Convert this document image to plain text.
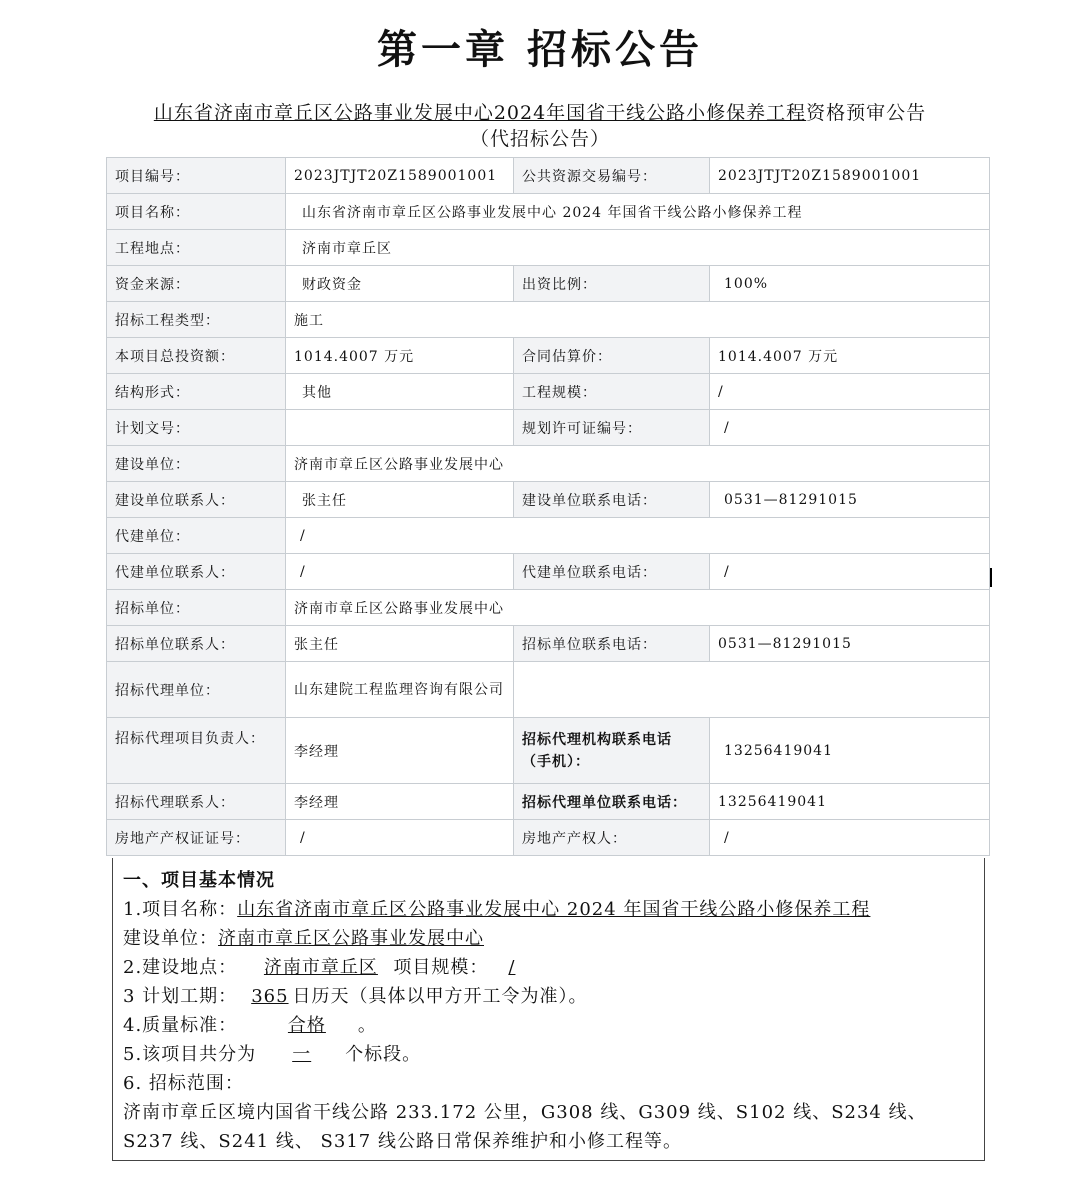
第一章 招标公告
山东省济南市章丘区公路事业发展中心2024年国省干线公路小修保养工程资格预审公告
（代招标公告）
项目编号：	2023JTJT20Z1589001001	公共资源交易编号：	2023JTJT20Z1589001001
项目名称：	山东省济南市章丘区公路事业发展中心 2024 年国省干线公路小修保养工程		
工程地点：	济南市章丘区		
资金来源：	财政资金	出资比例：	100%
招标工程类型：	施工		
本项目总投资额：	1014.4007 万元	合同估算价：	1014.4007 万元
结构形式：	其他	工程规模：	/
计划文号：		规划许可证编号：	/
建设单位：	济南市章丘区公路事业发展中心		
建设单位联系人：	张主任	建设单位联系电话：	0531—81291015
代建单位：	/		
代建单位联系人：	/	代建单位联系电话：	/
招标单位：	济南市章丘区公路事业发展中心		
招标单位联系人：	张主任	招标单位联系电话：	0531—81291015
招标代理单位：	山东建院工程监理咨询有限公司		
招标代理项目负责人：	李经理	招标代理机构联系电话（手机）：	13256419041
招标代理联系人：	李经理	招标代理单位联系电话：	13256419041
房地产产权证证号：	/	房地产产权人：	/
一、项目基本情况
1.项目名称：山东省济南市章丘区公路事业发展中心 2024 年国省干线公路小修保养工程
建设单位：济南市章丘区公路事业发展中心
2.建设地点： 济南市章丘区 项目规模： /
3 计划工期： 365 日历天（具体以甲方开工令为准）。
4.质量标准：	合格 。
5.该项目共分为 一 个标段。
6. 招标范围：
济南市章丘区境内国省干线公路 233.172 公里，G308 线、G309 线、S102 线、S234 线、S237 线、S241 线、 S317 线公路日常保养维护和小修工程等。
